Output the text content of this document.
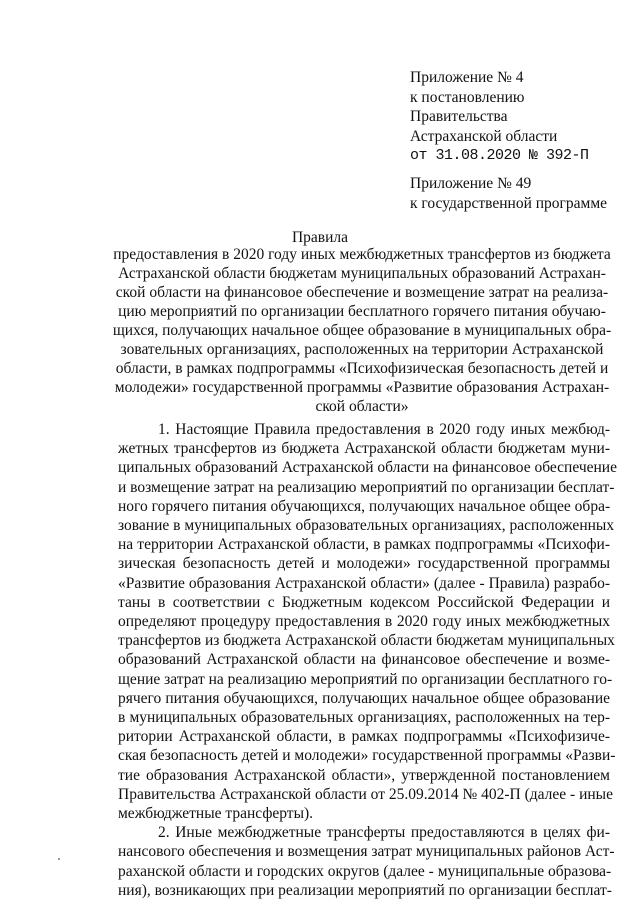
Приложение № 4
к постановлению
Правительства
Астраханской области
от 31.08.2020 № 392-П
Приложение № 49
к государственной программе
Правила
предоставления в 2020 году иных межбюджетных трансфертов из бюджета
Астраханской области бюджетам муниципальных образований Астрахан-
ской области на финансовое обеспечение и возмещение затрат на реализа-
цию мероприятий по организации бесплатного горячего питания обучаю-
щихся, получающих начальное общее образование в муниципальных обра-
зовательных организациях, расположенных на территории Астраханской
области, в рамках подпрограммы «Психофизическая безопасность детей и
молодежи» государственной программы «Развитие образования Астрахан-
ской области»
1. Настоящие Правила предоставления в 2020 году иных межбюд-
жетных трансфертов из бюджета Астраханской области бюджетам муни-
ципальных образований Астраханской области на финансовое обеспечение
и возмещение затрат на реализацию мероприятий по организации бесплат-
ного горячего питания обучающихся, получающих начальное общее обра-
зование в муниципальных образовательных организациях, расположенных
на территории Астраханской области, в рамках подпрограммы «Психофи-
зическая безопасность детей и молодежи» государственной программы
«Развитие образования Астраханской области» (далее - Правила) разрабо-
таны в соответствии с Бюджетным кодексом Российской Федерации и
определяют процедуру предоставления в 2020 году иных межбюджетных
трансфертов из бюджета Астраханской области бюджетам муниципальных
образований Астраханской области на финансовое обеспечение и возме-
щение затрат на реализацию мероприятий по организации бесплатного го-
рячего питания обучающихся, получающих начальное общее образование
в муниципальных образовательных организациях, расположенных на тер-
ритории Астраханской области, в рамках подпрограммы «Психофизиче-
ская безопасность детей и молодежи» государственной программы «Разви-
тие образования Астраханской области», утвержденной постановлением
Правительства Астраханской области от 25.09.2014 № 402-П (далее - иные
межбюджетные трансферты).
2. Иные межбюджетные трансферты предоставляются в целях фи-
нансового обеспечения и возмещения затрат муниципальных районов Аст-
раханской области и городских округов (далее - муниципальные образова-
ния), возникающих при реализации мероприятий по организации бесплат-
